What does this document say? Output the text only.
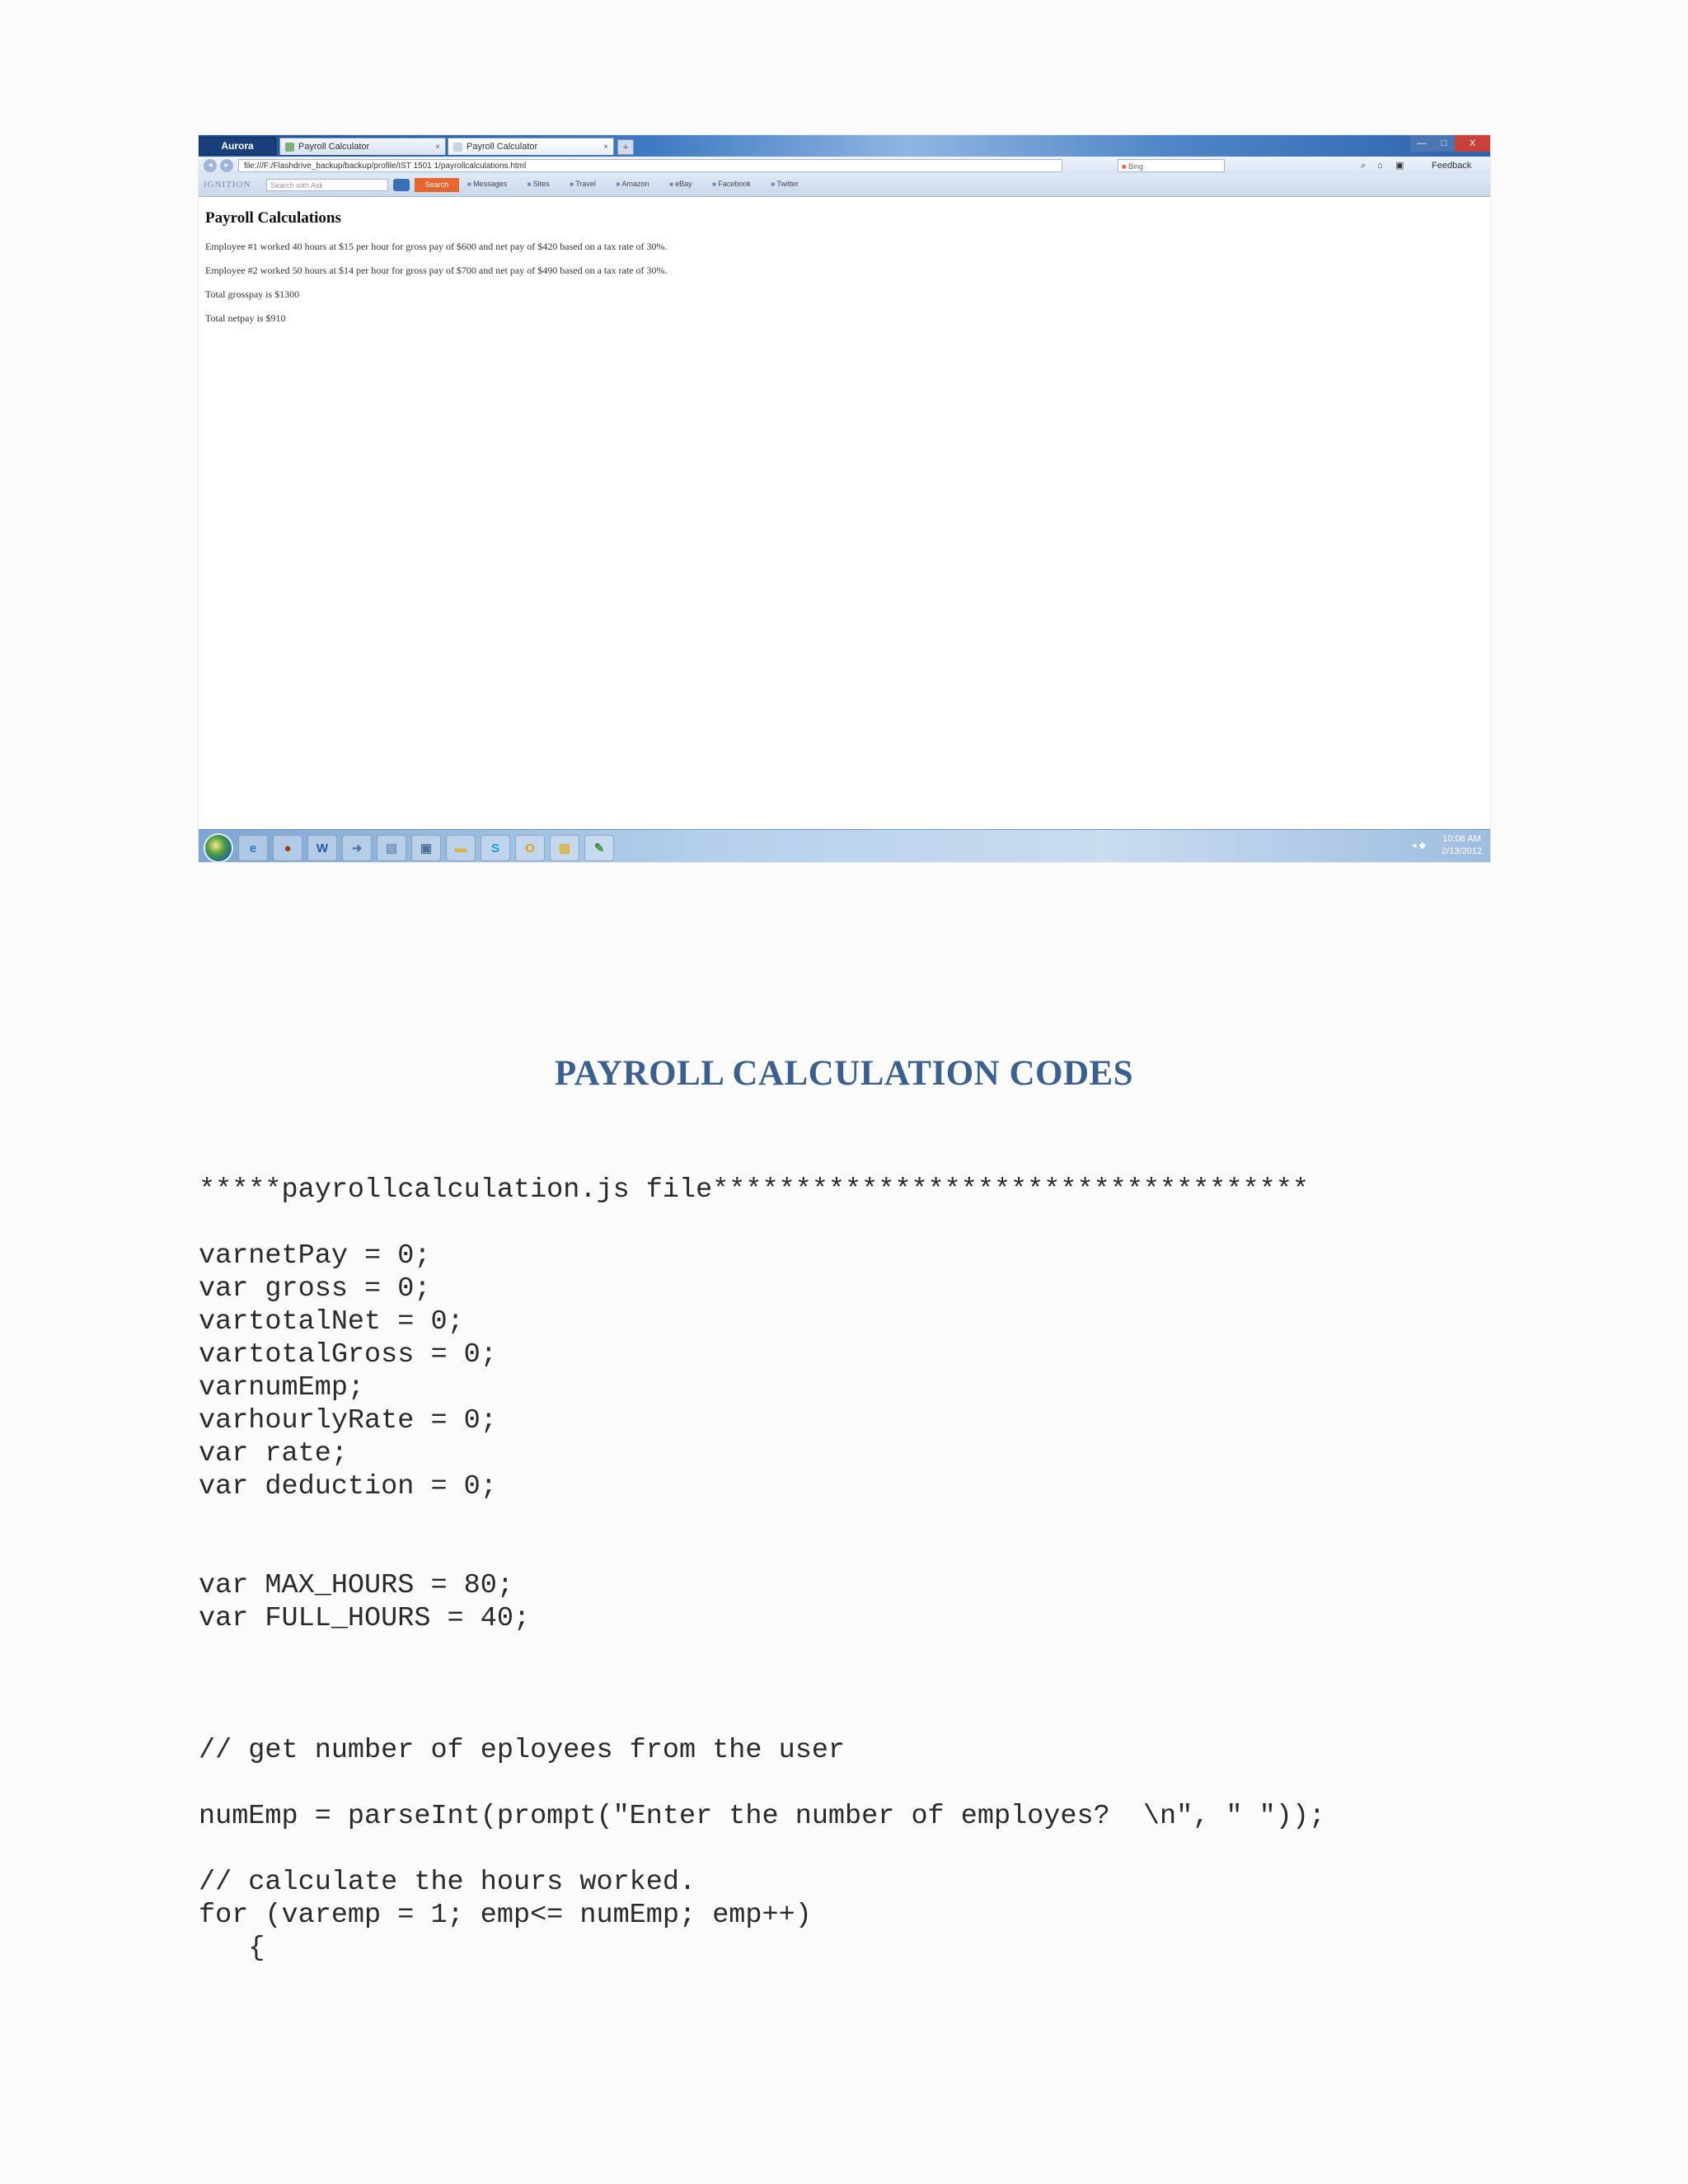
Aurora	Payroll Calculator	×	Payroll Calculator	×	+	—	□	X
◂	▸	file:///F:/Flashdrive_backup/backup/profile/IST 1501 1/payrollcalculations.html	■ Bing	⌕ ⌂ ▣	Feedback
IGNITION	Search with Ask	Search	■ Messages	■ Sites	■ Travel	■ Amazon	■ eBay	■ Facebook	■ Twitter
Payroll Calculations

Employee #1 worked 40 hours at $15 per hour for gross pay of $600 and net pay of $420 based on a tax rate of 30%.

Employee #2 worked 50 hours at $14 per hour for gross pay of $700 and net pay of $490 based on a tax rate of 30%.

Total grosspay is $1300

Total netpay is $910

e	●	W	➜	▤	▣	▬	S	O	▨	✎	◂ ◆
10:06 AM
2/13/2012
PAYROLL CALCULATION CODES
*****payrollcalculation.js file************************************
varnetPay = 0;
var gross = 0;
vartotalNet = 0;
vartotalGross = 0;
varnumEmp;
varhourlyRate = 0;
var rate;
var deduction = 0;
var MAX_HOURS = 80;
var FULL_HOURS = 40;
// get number of eployees from the user
numEmp = parseInt(prompt("Enter the number of employes?  \n", " "));
// calculate the hours worked.
for (varemp = 1; emp<= numEmp; emp++)
{
